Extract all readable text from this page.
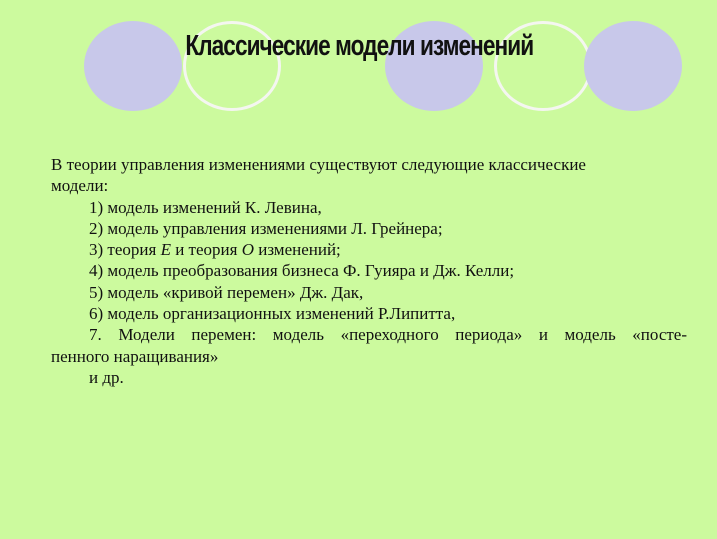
Классические модели изменений

В теории управления изменениями существуют следующие классические

модели:

1) модель изменений К. Левина,

2) модель управления изменениями Л. Грейнера;

3) теория E и теория O изменений;

4) модель преобразования бизнеса Ф. Гуияра и Дж. Келли;

5) модель «кривой перемен» Дж. Дак,

6) модель организационных изменений Р.Липитта,

7. Модели перемен: модель «переходного периода» и модель «посте-

пенного наращивания»

и др.
